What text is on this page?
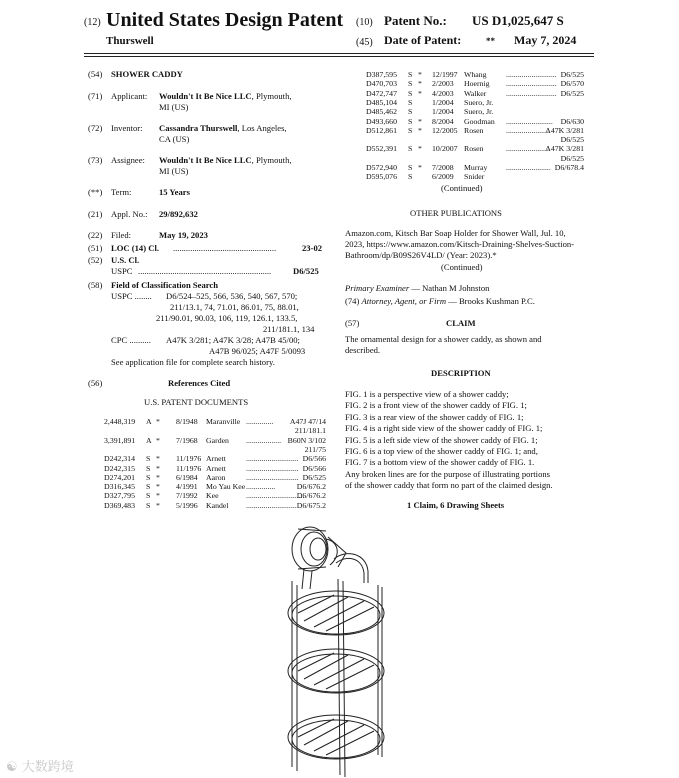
(12) United States Design Patent
Thurswell
(10) Patent No.: US D1,025,647 S
(45) Date of Patent:	** May 7, 2024
(54) SHOWER CADDY
(71) Applicant: Wouldn't It Be Nice LLC, Plymouth,
MI (US)
(72) Inventor: Cassandra Thurswell, Los Angeles,
CA (US)
(73) Assignee: Wouldn't It Be Nice LLC, Plymouth,
MI (US)
(**) Term:	15 Years
(21) Appl. No.: 29/892,632
(22) Filed:	May 19, 2023
(51) LOC (14) Cl. ................................................	23-02
(52) U.S. Cl.
USPC ..............................................................	D6/525
(58) Field of Classification Search
USPC ........ D6/524–525, 566, 536, 540, 567, 570;
211/13.1, 74, 71.01, 86.01, 75, 88.01,
211/90.01, 90.03, 106, 119, 126.1, 133.5,
211/181.1, 134
CPC .......... A47K 3/281; A47K 3/28; A47B 45/00;
A47B 96/025; A47F 5/0093
See application file for complete search history.
(56)	References Cited
U.S. PATENT DOCUMENTS
2,448,319 A * 8/1948 Maranville ..............	A47J 47/14
211/181.1
3,391,891 A * 7/1968 Garden .................. B60N 3/102
211/75
D242,314 S * 11/1976 Arnett	........................... D6/566
D242,315 S * 11/1976 Arnett	........................... D6/566
D274,201 S * 6/1984 Aaron	........................... D6/525
D316,345 S * 4/1991 Mo Yau Kee ...............	D6/676.2
D327,795 S * 7/1992 Kee	..............................
D6/676.2
D369,483 S * 5/1996 Kandel .......................... D6/675.2
D387,595 S * 12/1997 Whang .......................... D6/525
D470,703 S * 2/2003 Hoernig .......................... D6/570
D472,747 S * 4/2003 Walker	.......................... D6/525
D485,104 S	1/2004 Suero, Jr.
D485,462 S	1/2004 Suero, Jr.
D493,660 S * 8/2004 Goodman ........................	D6/630
D512,861 S * 12/2005 Rosen	......................
A47K 3/281
D6/525
D552,391 S * 10/2007 Rosen	......................
A47K 3/281
D6/525
D572,940 S * 7/2008 Murray ....................... D6/678.4
D595,076 S	6/2009 Snider
(Continued)
OTHER PUBLICATIONS
Amazon.com, Kitsch Bar Soap Holder for Shower Wall, Jul. 10,
2023, https://www.amazon.com/Kitsch-Draining-Shelves-Suction-
Bathroom/dp/B09S26V4LD/ (Year: 2023).*
(Continued)
Primary Examiner — Nathan M Johnston
(74) Attorney, Agent, or Firm — Brooks Kushman P.C.
(57)	CLAIM
The ornamental design for a shower caddy, as shown and
described.
DESCRIPTION
FIG. 1 is a perspective view of a shower caddy;
FIG. 2 is a front view of the shower caddy of FIG. 1;
FIG. 3 is a rear view of the shower caddy of FIG. 1;
FIG. 4 is a right side view of the shower caddy of FIG. 1;
FIG. 5 is a left side view of the shower caddy of FIG. 1;
FIG. 6 is a top view of the shower caddy of FIG. 1; and,
FIG. 7 is a bottom view of the shower caddy of FIG. 1.
Any broken lines are for the purpose of illustrating portions
of the shower caddy that form no part of the claimed design.
1 Claim, 6 Drawing Sheets
☯ 大数跨境
